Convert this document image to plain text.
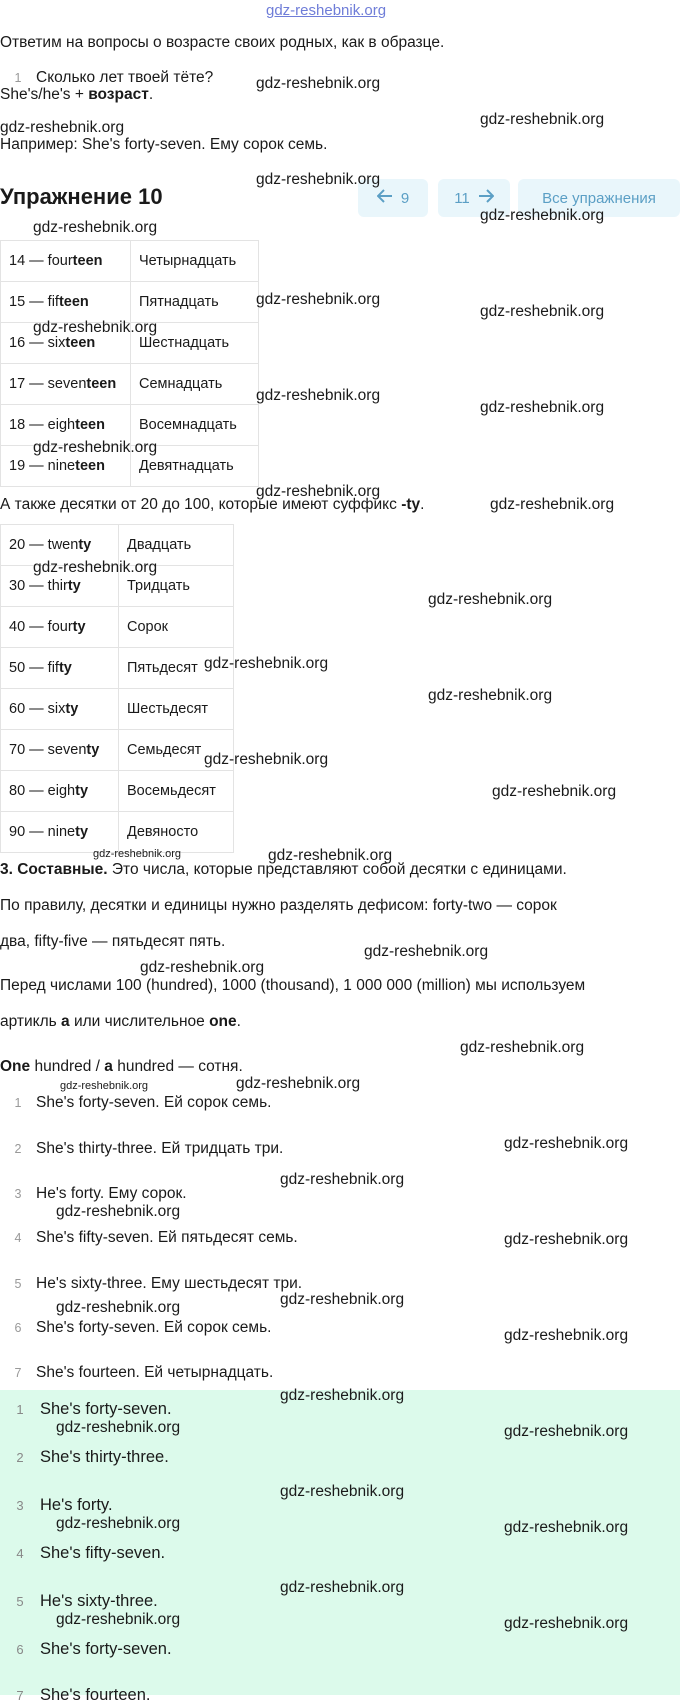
gdz-reshebnik.org
Ответим на вопросы о возрасте своих родных, как в образце.
1 Сколько лет твоей тёте?
She's/he's + возраст.
Например: She's forty-seven. Ему сорок семь.
Упражнение 10	9	11	Все упражнения
14 — fourteen	Четырнадцать
15 — fifteen	Пятнадцать
16 — sixteen	Шестнадцать
17 — seventeen	Семнадцать
18 — eighteen	Восемнадцать
19 — nineteen	Девятнадцать
А также десятки от 20 до 100, которые имеют суффикс -ty.
20 — twenty	Двадцать
30 — thirty	Тридцать
40 — fourty	Сорок
50 — fifty	Пятьдесят
60 — sixty	Шестьдесят
70 — seventy	Семьдесят
80 — eighty	Восемьдесят
90 — ninety	Девяносто
3. Составные. Это числа, которые представляют собой десятки с единицами.
По правилу, десятки и единицы нужно разделять дефисом: forty-two — сорок
два, fifty-five — пятьдесят пять.
Перед числами 100 (hundred), 1000 (thousand), 1 000 000 (million) мы используем
артикль a или числительное one.
One hundred / a hundred — сотня.
1 She's forty-seven. Ей сорок семь.
2 She's thirty-three. Ей тридцать три.
3 He's forty. Ему сорок.
4 She's fifty-seven. Ей пятьдесят семь.
5 He's sixty-three. Ему шестьдесят три.
6 She's forty-seven. Ей сорок семь.
7 She's fourteen. Ей четырнадцать.
1 She's forty-seven.
2 She's thirty-three.
3 He's forty.
4 She's fifty-seven.
5 He's sixty-three.
6 She's forty-seven.
7 She's fourteen.
gdz-reshebnik.org
gdz-reshebnik.org	gdz-reshebnik.org
gdz-reshebnik.org
gdz-reshebnik.org
gdz-reshebnik.org
gdz-reshebnik.org
gdz-reshebnik.org
gdz-reshebnik.org
gdz-reshebnik.org
gdz-reshebnik.org
gdz-reshebnik.org
gdz-reshebnik.org
gdz-reshebnik.org
gdz-reshebnik.org
gdz-reshebnik.org
gdz-reshebnik.org
gdz-reshebnik.org
gdz-reshebnik.org
gdz-reshebnik.org
gdz-reshebnik.org	gdz-reshebnik.org
gdz-reshebnik.org
gdz-reshebnik.org
gdz-reshebnik.org
gdz-reshebnik.org	gdz-reshebnik.org
gdz-reshebnik.org
gdz-reshebnik.org
gdz-reshebnik.org
gdz-reshebnik.org
gdz-reshebnik.org
gdz-reshebnik.org
gdz-reshebnik.org
gdz-reshebnik.org
gdz-reshebnik.org	gdz-reshebnik.org
gdz-reshebnik.org
gdz-reshebnik.org	gdz-reshebnik.org
gdz-reshebnik.org
gdz-reshebnik.org	gdz-reshebnik.org
